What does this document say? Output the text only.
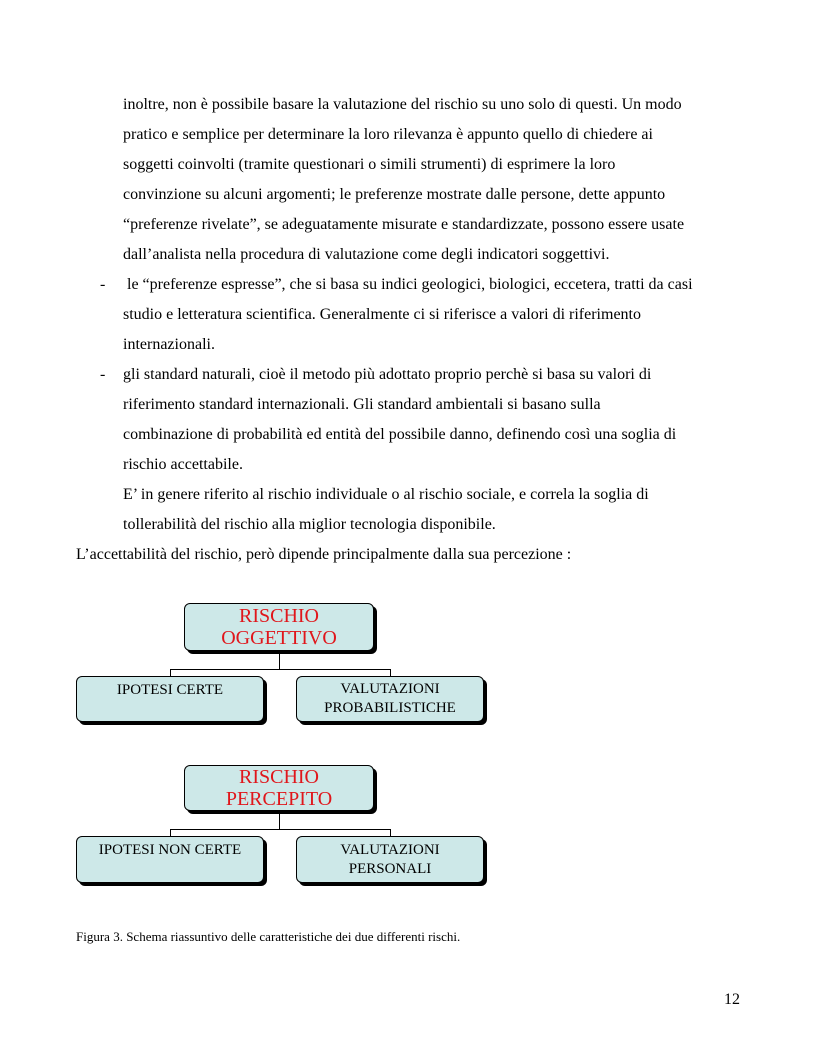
inoltre, non è possibile basare la valutazione del rischio su uno solo di questi. Un modo
pratico e semplice per determinare la loro rilevanza è appunto quello di chiedere ai
soggetti coinvolti (tramite questionari o simili strumenti) di esprimere la loro
convinzione su alcuni argomenti; le preferenze mostrate dalle persone, dette appunto
“preferenze rivelate”, se adeguatamente misurate e standardizzate, possono essere usate
dall’analista nella procedura di valutazione come degli indicatori soggettivi.
- le “preferenze espresse”, che si basa su indici geologici, biologici, eccetera, tratti da casi
studio e letteratura scientifica. Generalmente ci si riferisce a valori di riferimento
internazionali.
- gli standard naturali, cioè il metodo più adottato proprio perchè si basa su valori di
riferimento standard internazionali. Gli standard ambientali si basano sulla
combinazione di probabilità ed entità del possibile danno, definendo così una soglia di
rischio accettabile.
E’ in genere riferito al rischio individuale o al rischio sociale, e correla la soglia di
tollerabilità del rischio alla miglior tecnologia disponibile.
L’accettabilità del rischio, però dipende principalmente dalla sua percezione :
RISCHIO
OGGETTIVO
IPOTESI CERTE	VALUTAZIONI
PROBABILISTICHE
RISCHIO
PERCEPITO
IPOTESI NON CERTE	VALUTAZIONI
PERSONALI
Figura 3. Schema riassuntivo delle caratteristiche dei due differenti rischi.
12
